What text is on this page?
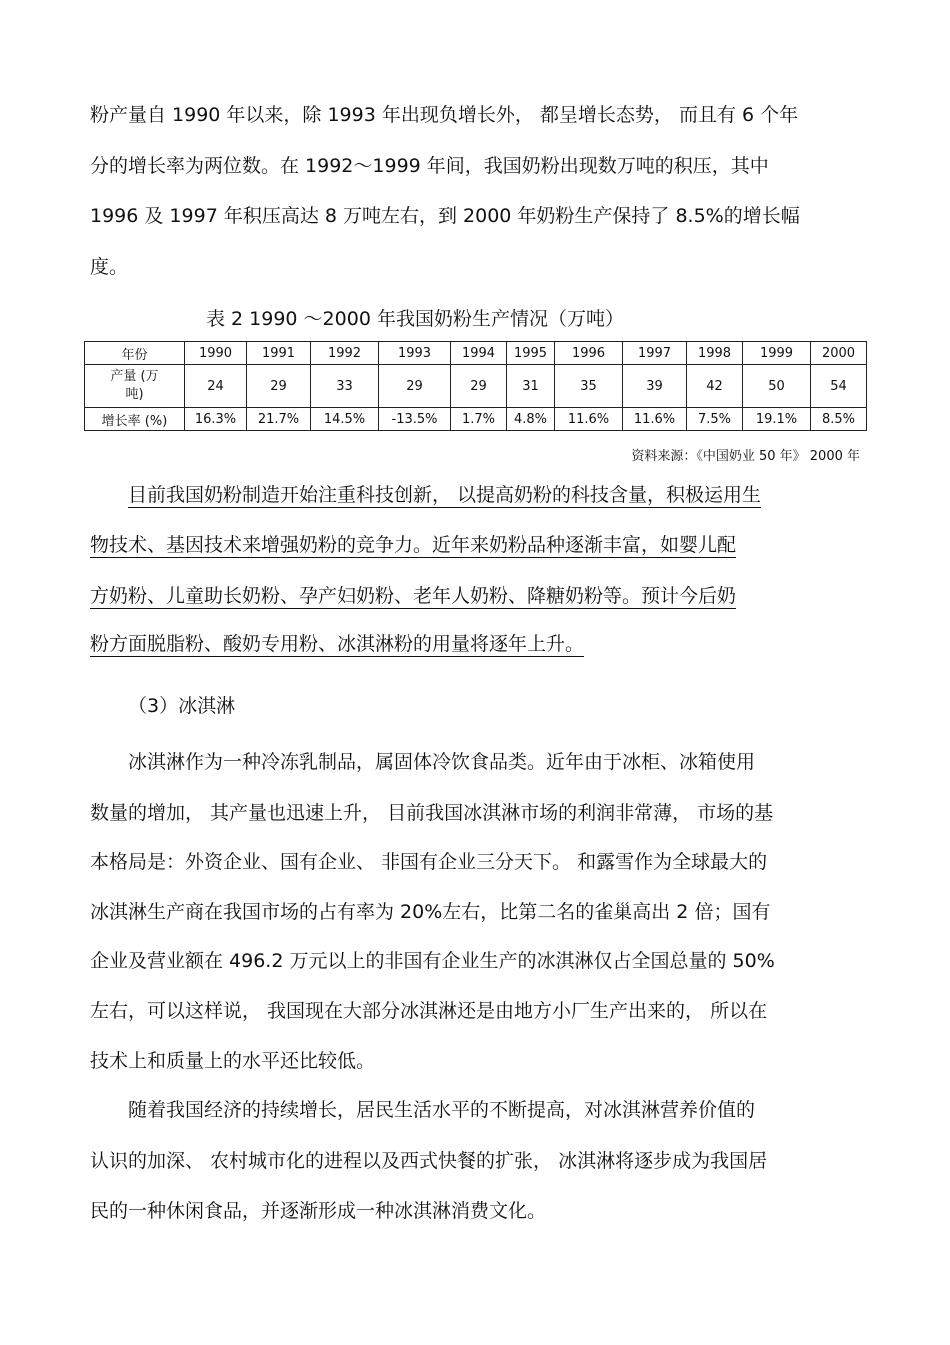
粉产量自 1990 年以来，除 1993 年出现负增长外， 都呈增长态势， 而且有 6 个年
分的增长率为两位数。在 1992～1999 年间，我国奶粉出现数万吨的积压，其中
1996 及 1997 年积压高达 8 万吨左右，到 2000 年奶粉生产保持了 8.5%的增长幅
度。
表 2 1990 ～2000 年我国奶粉生产情况（万吨）
年份	1990	1991	1992	1993	1994	1995	1996	1997	1998	1999	2000

产量 (万
吨)	24	29	33	29	29	31	35	39	42	50	54
增长率 (%)	16.3%	21.7%	14.5%	-13.5%	1.7%	4.8%	11.6%	11.6%	7.5%	19.1%	8.5%
资料来源：《中国奶业 50 年》 2000 年
目前我国奶粉制造开始注重科技创新， 以提高奶粉的科技含量，积极运用生
物技术、基因技术来增强奶粉的竞争力。近年来奶粉品种逐渐丰富，如婴儿配
方奶粉、儿童助长奶粉、孕产妇奶粉、老年人奶粉、降糖奶粉等。预计今后奶
粉方面脱脂粉、酸奶专用粉、冰淇淋粉的用量将逐年上升。
（3）冰淇淋
冰淇淋作为一种冷冻乳制品，属固体冷饮食品类。近年由于冰柜、冰箱使用
数量的增加， 其产量也迅速上升， 目前我国冰淇淋市场的利润非常薄， 市场的基
本格局是：外资企业、国有企业、 非国有企业三分天下。 和露雪作为全球最大的
冰淇淋生产商在我国市场的占有率为 20%左右，比第二名的雀巢高出 2 倍；国有
企业及营业额在 496.2 万元以上的非国有企业生产的冰淇淋仅占全国总量的 50%
左右，可以这样说， 我国现在大部分冰淇淋还是由地方小厂生产出来的， 所以在
技术上和质量上的水平还比较低。
随着我国经济的持续增长，居民生活水平的不断提高，对冰淇淋营养价值的
认识的加深、 农村城市化的进程以及西式快餐的扩张， 冰淇淋将逐步成为我国居
民的一种休闲食品，并逐渐形成一种冰淇淋消费文化。
